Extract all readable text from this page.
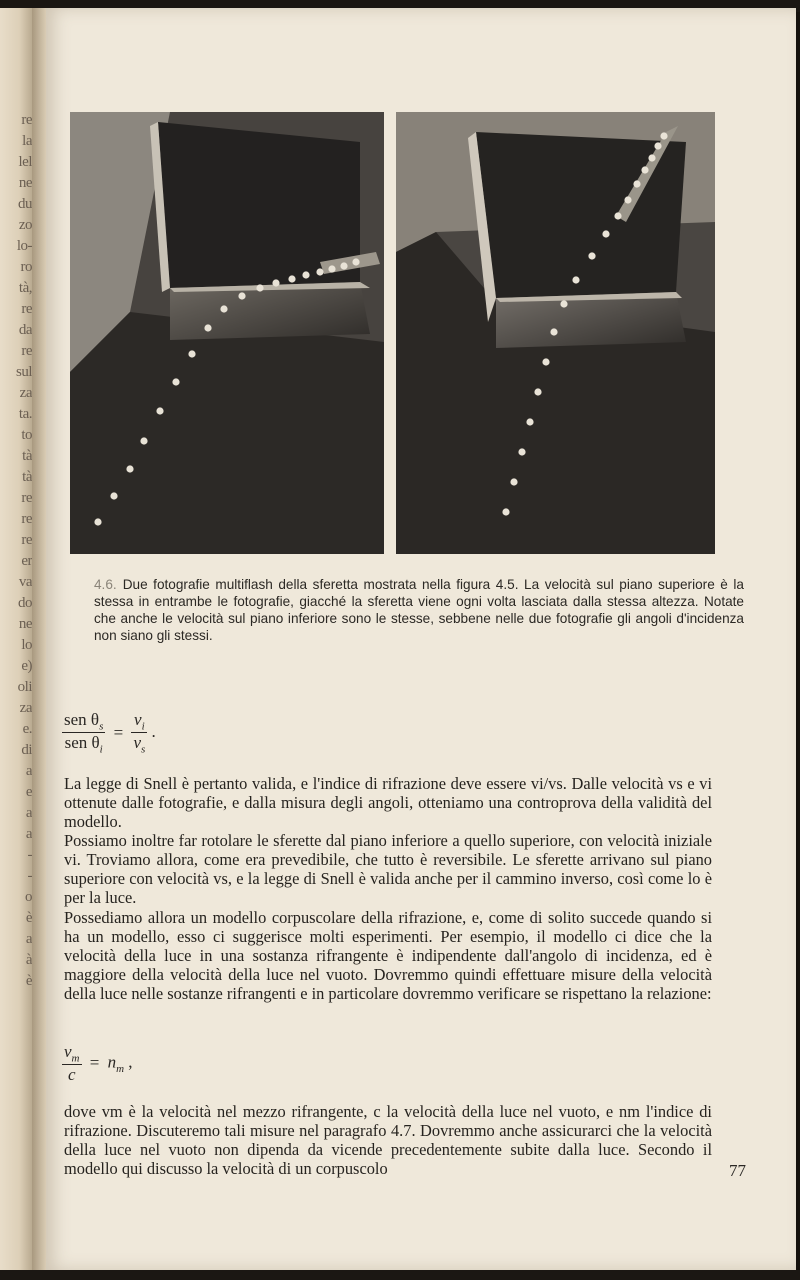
re
la
lel
ne
du
zo
lo-
ro
tà,
re
da
re
sul
za
ta.
to
tà
tà
re
re
re
er
va
do
ne
lo
e)
oli
za
e.
di
a
e
a
a
-
-
o
è
a
à
è

4.6. Due fotografie multiflash della sferetta mostrata nella figura 4.5. La velocità sul piano superiore è la stessa in entrambe le fotografie, giacché la sferetta viene ogni volta lasciata dalla stessa altezza. Notate che anche le velocità sul piano inferiore sono le stesse, sebbene nelle due fotografie gli angoli d'incidenza non siano gli stessi.

$\frac{sen \theta_s}{sen \theta_i} = \frac{v_i}{v_s}$ .

La legge di Snell è pertanto valida, e l'indice di rifrazione deve essere vi/vs. Dalle velocità vs e vi ottenute dalle fotografie, e dalla misura degli angoli, otteniamo una controprova della validità del modello.

Possiamo inoltre far rotolare le sferette dal piano inferiore a quello superiore, con velocità iniziale vi. Troviamo allora, come era prevedibile, che tutto è reversibile. Le sferette arrivano sul piano superiore con velocità vs, e la legge di Snell è valida anche per il cammino inverso, così come lo è per la luce.

Possediamo allora un modello corpuscolare della rifrazione, e, come di solito succede quando si ha un modello, esso ci suggerisce molti esperimenti. Per esempio, il modello ci dice che la velocità della luce in una sostanza rifrangente è indipendente dall'angolo di incidenza, ed è maggiore della velocità della luce nel vuoto. Dovremmo quindi effettuare misure della velocità della luce nelle sostanze rifrangenti e in particolare dovremmo verificare se rispettano la relazione:

$\frac{v_m}{c} = n_m$ ,

dove vm è la velocità nel mezzo rifrangente, c la velocità della luce nel vuoto, e nm l'indice di rifrazione. Discuteremo tali misure nel paragrafo 4.7. Dovremmo anche assicurarci che la velocità della luce nel vuoto non dipenda da vicende precedentemente subite dalla luce. Secondo il modello qui discusso la velocità di un corpuscolo	77
